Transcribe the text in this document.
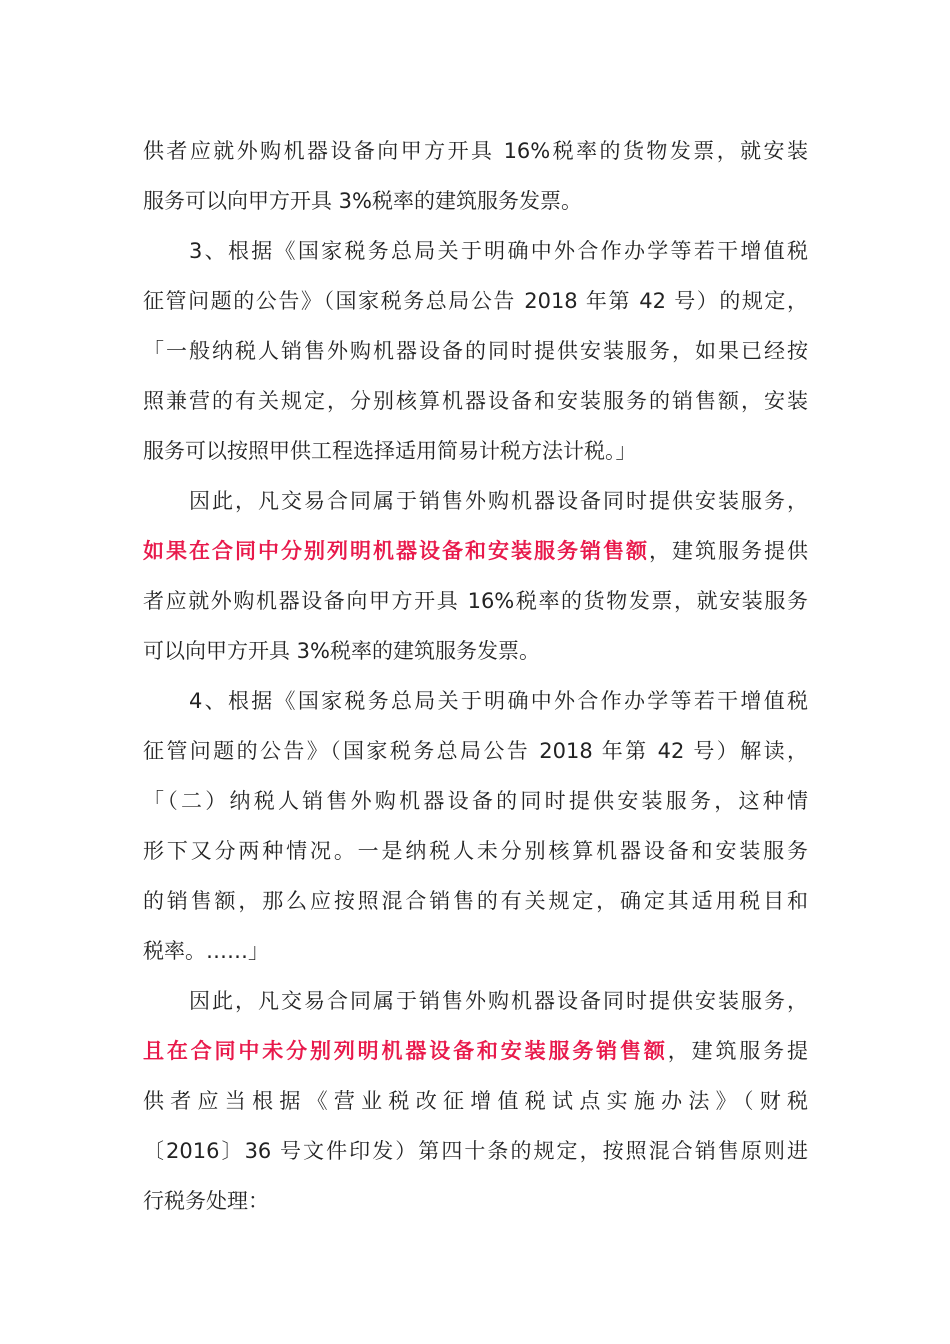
供者应就外购机器设备向甲方开具 16%税率的货物发票，就安装
服务可以向甲方开具 3%税率的建筑服务发票。
3、根据《国家税务总局关于明确中外合作办学等若干增值税
征管问题的公告》（国家税务总局公告 2018 年第 42 号）的规定，
「一般纳税人销售外购机器设备的同时提供安装服务，如果已经按
照兼营的有关规定，分别核算机器设备和安装服务的销售额，安装
服务可以按照甲供工程选择适用简易计税方法计税。」
因此，凡交易合同属于销售外购机器设备同时提供安装服务，
如果在合同中分别列明机器设备和安装服务销售额，建筑服务提供
者应就外购机器设备向甲方开具 16%税率的货物发票，就安装服务
可以向甲方开具 3%税率的建筑服务发票。
4、根据《国家税务总局关于明确中外合作办学等若干增值税
征管问题的公告》（国家税务总局公告 2018 年第 42 号）解读，
「（二）纳税人销售外购机器设备的同时提供安装服务，这种情
形下又分两种情况。一是纳税人未分别核算机器设备和安装服务
的销售额，那么应按照混合销售的有关规定，确定其适用税目和
税率。……」
因此，凡交易合同属于销售外购机器设备同时提供安装服务，
且在合同中未分别列明机器设备和安装服务销售额，建筑服务提
供者应当根据《营业税改征增值税试点实施办法》（财税
〔2016〕36 号文件印发）第四十条的规定，按照混合销售原则进
行税务处理：
